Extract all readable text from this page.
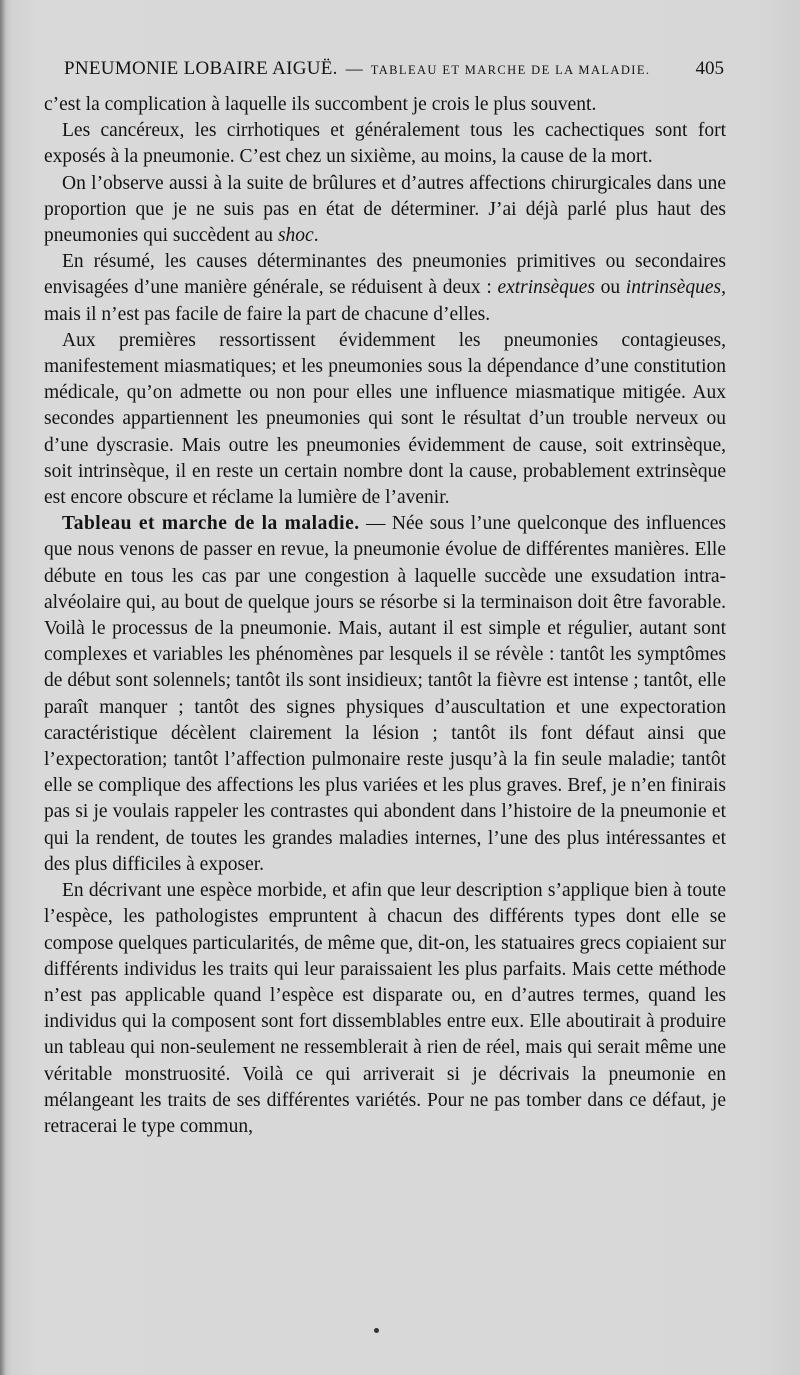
PNEUMONIE LOBAIRE AIGUË. — TABLEAU ET MARCHE DE LA MALADIE.	405

c’est la complication à laquelle ils succombent je crois le plus souvent.

Les cancéreux, les cirrhotiques et généralement tous les cachectiques sont fort exposés à la pneumonie. C’est chez un sixième, au moins, la cause de la mort.

On l’observe aussi à la suite de brûlures et d’autres affections chirurgicales dans une proportion que je ne suis pas en état de déterminer. J’ai déjà parlé plus haut des pneumonies qui succèdent au shoc.

En résumé, les causes déterminantes des pneumonies primitives ou secondaires envisagées d’une manière générale, se réduisent à deux : extrinsèques ou intrinsèques, mais il n’est pas facile de faire la part de chacune d’elles.

Aux premières ressortissent évidemment les pneumonies contagieuses, manifestement miasmatiques; et les pneumonies sous la dépendance d’une constitution médicale, qu’on admette ou non pour elles une influence miasmatique mitigée. Aux secondes appartiennent les pneumonies qui sont le résultat d’un trouble nerveux ou d’une dyscrasie. Mais outre les pneumonies évidemment de cause, soit extrinsèque, soit intrinsèque, il en reste un certain nombre dont la cause, probablement extrinsèque est encore obscure et réclame la lumière de l’avenir.

Tableau et marche de la maladie. — Née sous l’une quelconque des influences que nous venons de passer en revue, la pneumonie évolue de différentes manières. Elle débute en tous les cas par une congestion à laquelle succède une exsudation intra-alvéolaire qui, au bout de quelque jours se résorbe si la terminaison doit être favorable. Voilà le processus de la pneumonie. Mais, autant il est simple et régulier, autant sont complexes et variables les phénomènes par lesquels il se révèle : tantôt les symptômes de début sont solennels; tantôt ils sont insidieux; tantôt la fièvre est intense ; tantôt, elle paraît manquer ; tantôt des signes physiques d’auscultation et une expectoration caractéristique décèlent clairement la lésion ; tantôt ils font défaut ainsi que l’expectoration; tantôt l’affection pulmonaire reste jusqu’à la fin seule maladie; tantôt elle se complique des affections les plus variées et les plus graves. Bref, je n’en finirais pas si je voulais rappeler les contrastes qui abondent dans l’histoire de la pneumonie et qui la rendent, de toutes les grandes maladies internes, l’une des plus intéressantes et des plus difficiles à exposer.

En décrivant une espèce morbide, et afin que leur description s’applique bien à toute l’espèce, les pathologistes empruntent à chacun des différents types dont elle se compose quelques particularités, de même que, dit-on, les statuaires grecs copiaient sur différents individus les traits qui leur paraissaient les plus parfaits. Mais cette méthode n’est pas applicable quand l’espèce est disparate ou, en d’autres termes, quand les individus qui la composent sont fort dissemblables entre eux. Elle aboutirait à produire un tableau qui non-seulement ne ressemblerait à rien de réel, mais qui serait même une véritable monstruosité. Voilà ce qui arriverait si je décrivais la pneumonie en mélangeant les traits de ses différentes variétés. Pour ne pas tomber dans ce défaut, je retracerai le type commun,
